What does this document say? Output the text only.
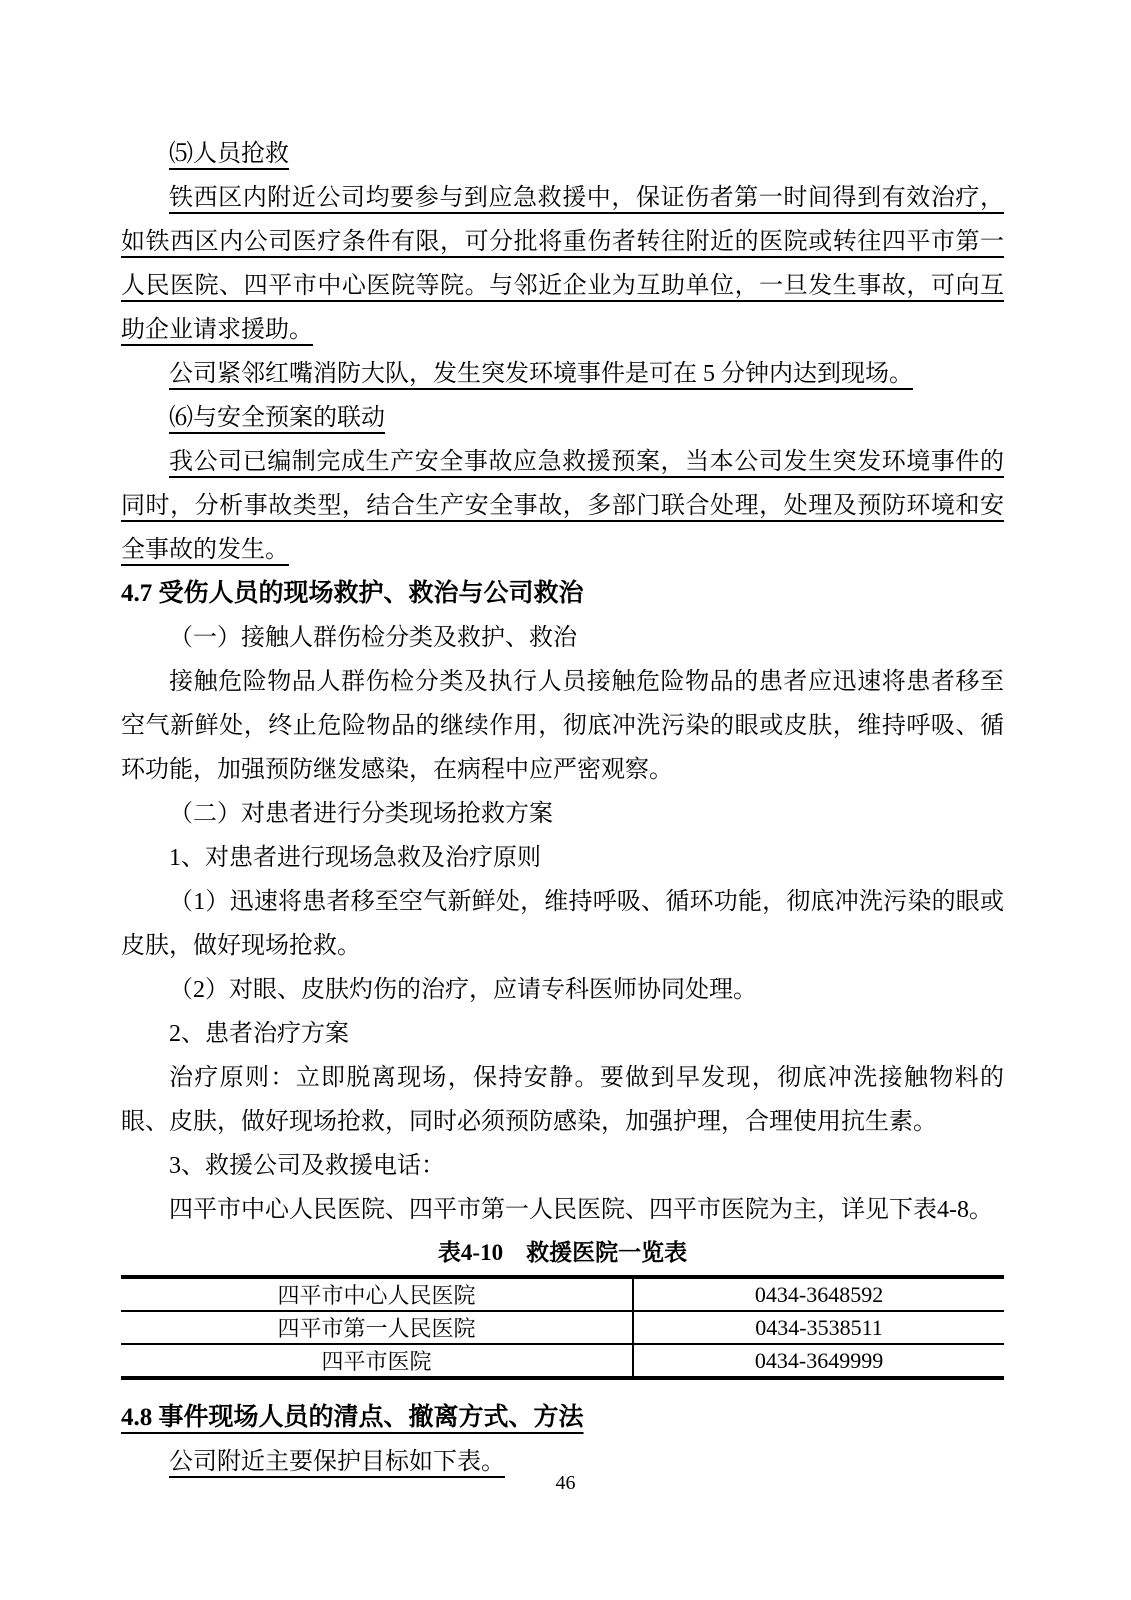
⑸人员抢救

铁西区内附近公司均要参与到应急救援中，保证伤者第一时间得到有效治疗，如铁西区内公司医疗条件有限，可分批将重伤者转往附近的医院或转往四平市第一人民医院、四平市中心医院等院。与邻近企业为互助单位，一旦发生事故，可向互助企业请求援助。

公司紧邻红嘴消防大队，发生突发环境事件是可在 5 分钟内达到现场。

⑹与安全预案的联动

我公司已编制完成生产安全事故应急救援预案，当本公司发生突发环境事件的同时，分析事故类型，结合生产安全事故，多部门联合处理，处理及预防环境和安全事故的发生。

4.7 受伤人员的现场救护、救治与公司救治

（一）接触人群伤检分类及救护、救治

接触危险物品人群伤检分类及执行人员接触危险物品的患者应迅速将患者移至空气新鲜处，终止危险物品的继续作用，彻底冲洗污染的眼或皮肤，维持呼吸、循环功能，加强预防继发感染，在病程中应严密观察。

（二）对患者进行分类现场抢救方案

1、对患者进行现场急救及治疗原则

（1）迅速将患者移至空气新鲜处，维持呼吸、循环功能，彻底冲洗污染的眼或皮肤，做好现场抢救。

（2）对眼、皮肤灼伤的治疗，应请专科医师协同处理。

2、患者治疗方案

治疗原则：立即脱离现场，保持安静。要做到早发现，彻底冲洗接触物料的眼、皮肤，做好现场抢救，同时必须预防感染，加强护理，合理使用抗生素。

3、救援公司及救援电话：

四平市中心人民医院、四平市第一人民医院、四平市医院为主，详见下表4-8。

表4-10　救援医院一览表

四平市中心人民医院	0434-3648592
四平市第一人民医院	0434-3538511
四平市医院	0434-3649999
4.8 事件现场人员的清点、撤离方式、方法

公司附近主要保护目标如下表。

46
